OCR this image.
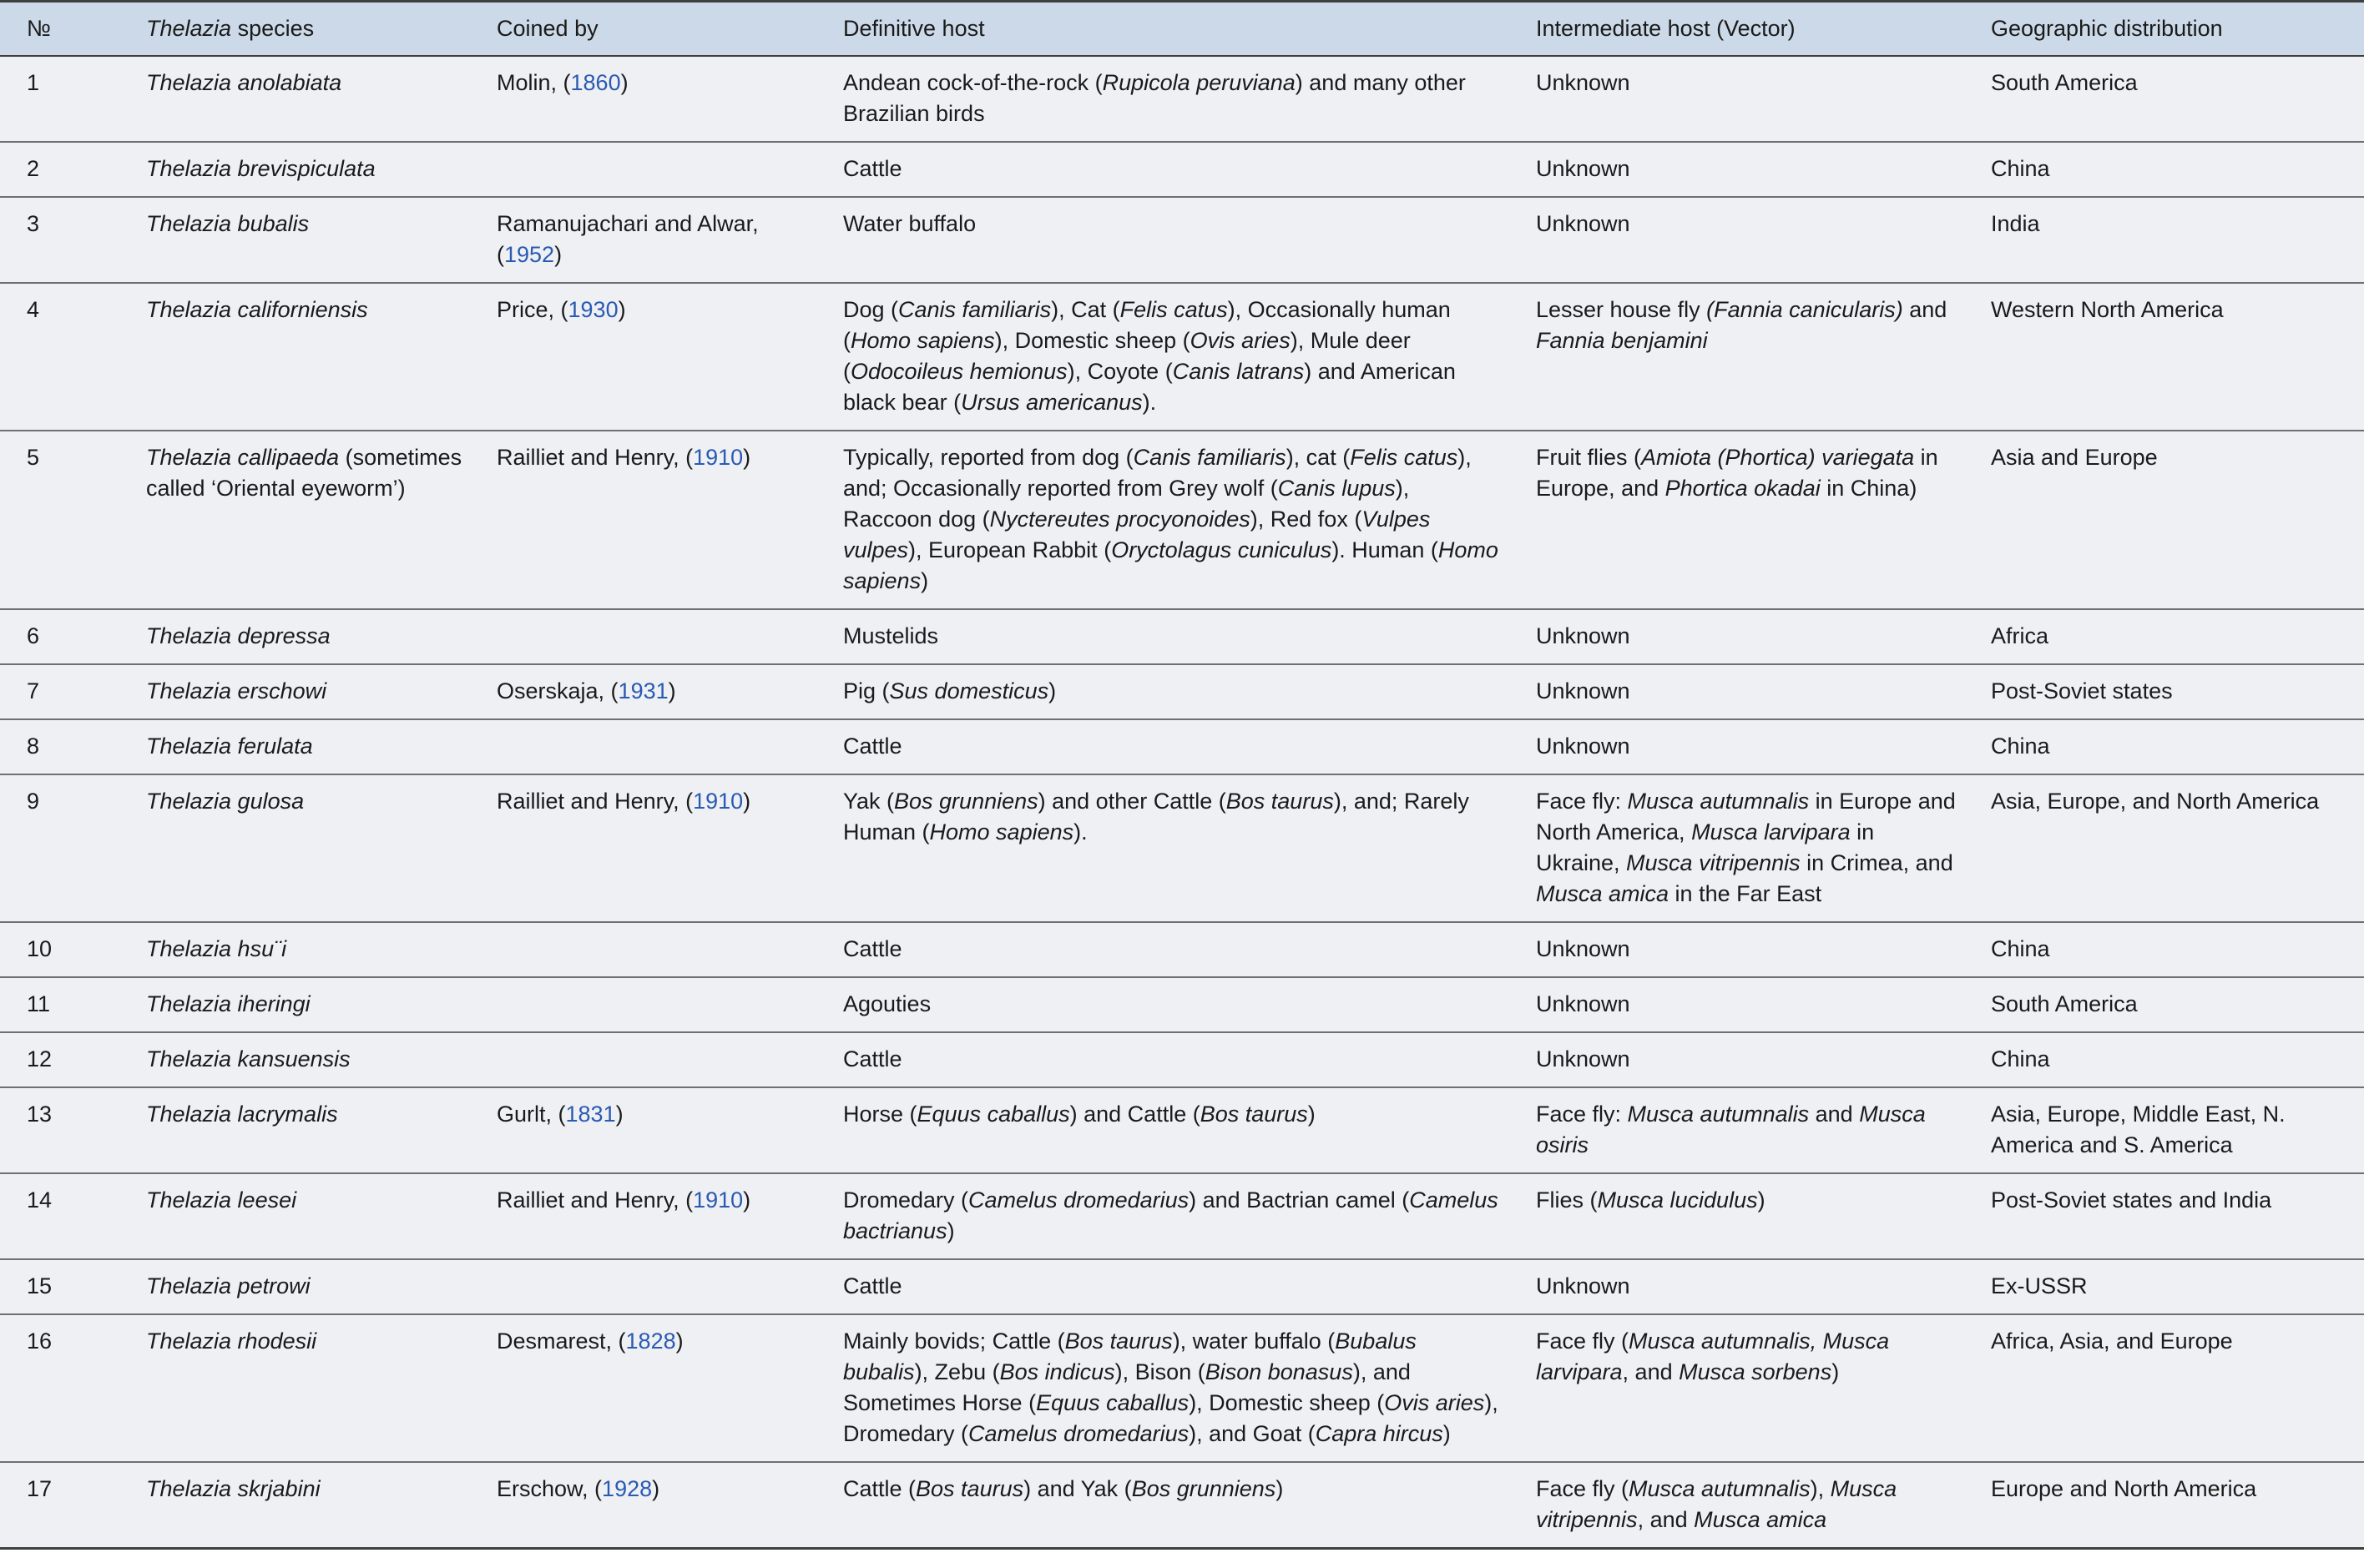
№	Thelazia species	Coined by	Definitive host	Intermediate host (Vector)	Geographic distribution
1	Thelazia anolabiata	Molin, (1860)	Andean cock-of-the-rock (Rupicola peruviana) and many other Brazilian birds	Unknown	South America
2	Thelazia brevispiculata		Cattle	Unknown	China
3	Thelazia bubalis	Ramanujachari and Alwar, (1952)	Water buffalo	Unknown	India
4	Thelazia californiensis	Price, (1930)	Dog (Canis familiaris), Cat (Felis catus), Occasionally human (Homo sapiens), Domestic sheep (Ovis aries), Mule deer (Odocoileus hemionus), Coyote (Canis latrans) and American black bear (Ursus americanus).	Lesser house fly (Fannia canicularis) and Fannia benjamini	Western North America
5	Thelazia callipaeda (sometimes called ‘Oriental eyeworm’)	Railliet and Henry, (1910)	Typically, reported from dog (Canis familiaris), cat (Felis catus), and; Occasionally reported from Grey wolf (Canis lupus), Raccoon dog (Nyctereutes procyonoides), Red fox (Vulpes vulpes), European Rabbit (Oryctolagus cuniculus). Human (Homo sapiens)	Fruit flies (Amiota (Phortica) variegata in Europe, and Phortica okadai in China)	Asia and Europe
6	Thelazia depressa		Mustelids	Unknown	Africa
7	Thelazia erschowi	Oserskaja, (1931)	Pig (Sus domesticus)	Unknown	Post-Soviet states
8	Thelazia ferulata		Cattle	Unknown	China
9	Thelazia gulosa	Railliet and Henry, (1910)	Yak (Bos grunniens) and other Cattle (Bos taurus), and; Rarely Human (Homo sapiens).	Face fly: Musca autumnalis in Europe and North America, Musca larvipara in Ukraine, Musca vitripennis in Crimea, and Musca amica in the Far East	Asia, Europe, and North America
10	Thelazia hsu¨i		Cattle	Unknown	China
11	Thelazia iheringi		Agouties	Unknown	South America
12	Thelazia kansuensis		Cattle	Unknown	China
13	Thelazia lacrymalis	Gurlt, (1831)	Horse (Equus caballus) and Cattle (Bos taurus)	Face fly: Musca autumnalis and Musca osiris	Asia, Europe, Middle East, N. America and S. America
14	Thelazia leesei	Railliet and Henry, (1910)	Dromedary (Camelus dromedarius) and Bactrian camel (Camelus bactrianus)	Flies (Musca lucidulus)	Post-Soviet states and India
15	Thelazia petrowi		Cattle	Unknown	Ex-USSR
16	Thelazia rhodesii	Desmarest, (1828)	Mainly bovids; Cattle (Bos taurus), water buffalo (Bubalus bubalis), Zebu (Bos indicus), Bison (Bison bonasus), and Sometimes Horse (Equus caballus), Domestic sheep (Ovis aries), Dromedary (Camelus dromedarius), and Goat (Capra hircus)	Face fly (Musca autumnalis, Musca larvipara, and Musca sorbens)	Africa, Asia, and Europe
17	Thelazia skrjabini	Erschow, (1928)	Cattle (Bos taurus) and Yak (Bos grunniens)	Face fly (Musca autumnalis), Musca vitripennis, and Musca amica	Europe and North America
